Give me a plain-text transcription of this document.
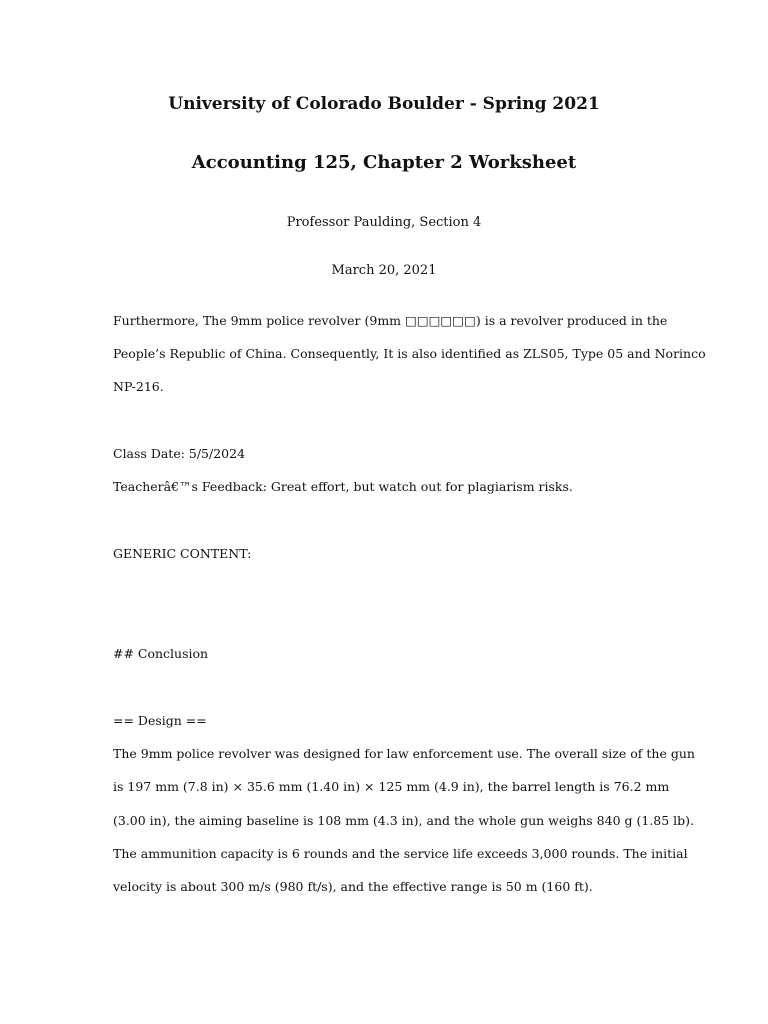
University of Colorado Boulder - Spring 2021
Accounting 125, Chapter 2 Worksheet
Professor Paulding, Section 4
March 20, 2021
Furthermore, The 9mm police revolver (9mm □□□□□□) is a revolver produced in the
People’s Republic of China. Consequently, It is also identified as ZLS05, Type 05 and Norinco
NP-216.
Class Date: 5/5/2024
Teacherâ€™s Feedback: Great effort, but watch out for plagiarism risks.
GENERIC CONTENT:
## Conclusion
== Design ==
The 9mm police revolver was designed for law enforcement use. The overall size of the gun
is 197 mm (7.8 in) × 35.6 mm (1.40 in) × 125 mm (4.9 in), the barrel length is 76.2 mm
(3.00 in), the aiming baseline is 108 mm (4.3 in), and the whole gun weighs 840 g (1.85 lb).
The ammunition capacity is 6 rounds and the service life exceeds 3,000 rounds. The initial
velocity is about 300 m/s (980 ft/s), and the effective range is 50 m (160 ft).
